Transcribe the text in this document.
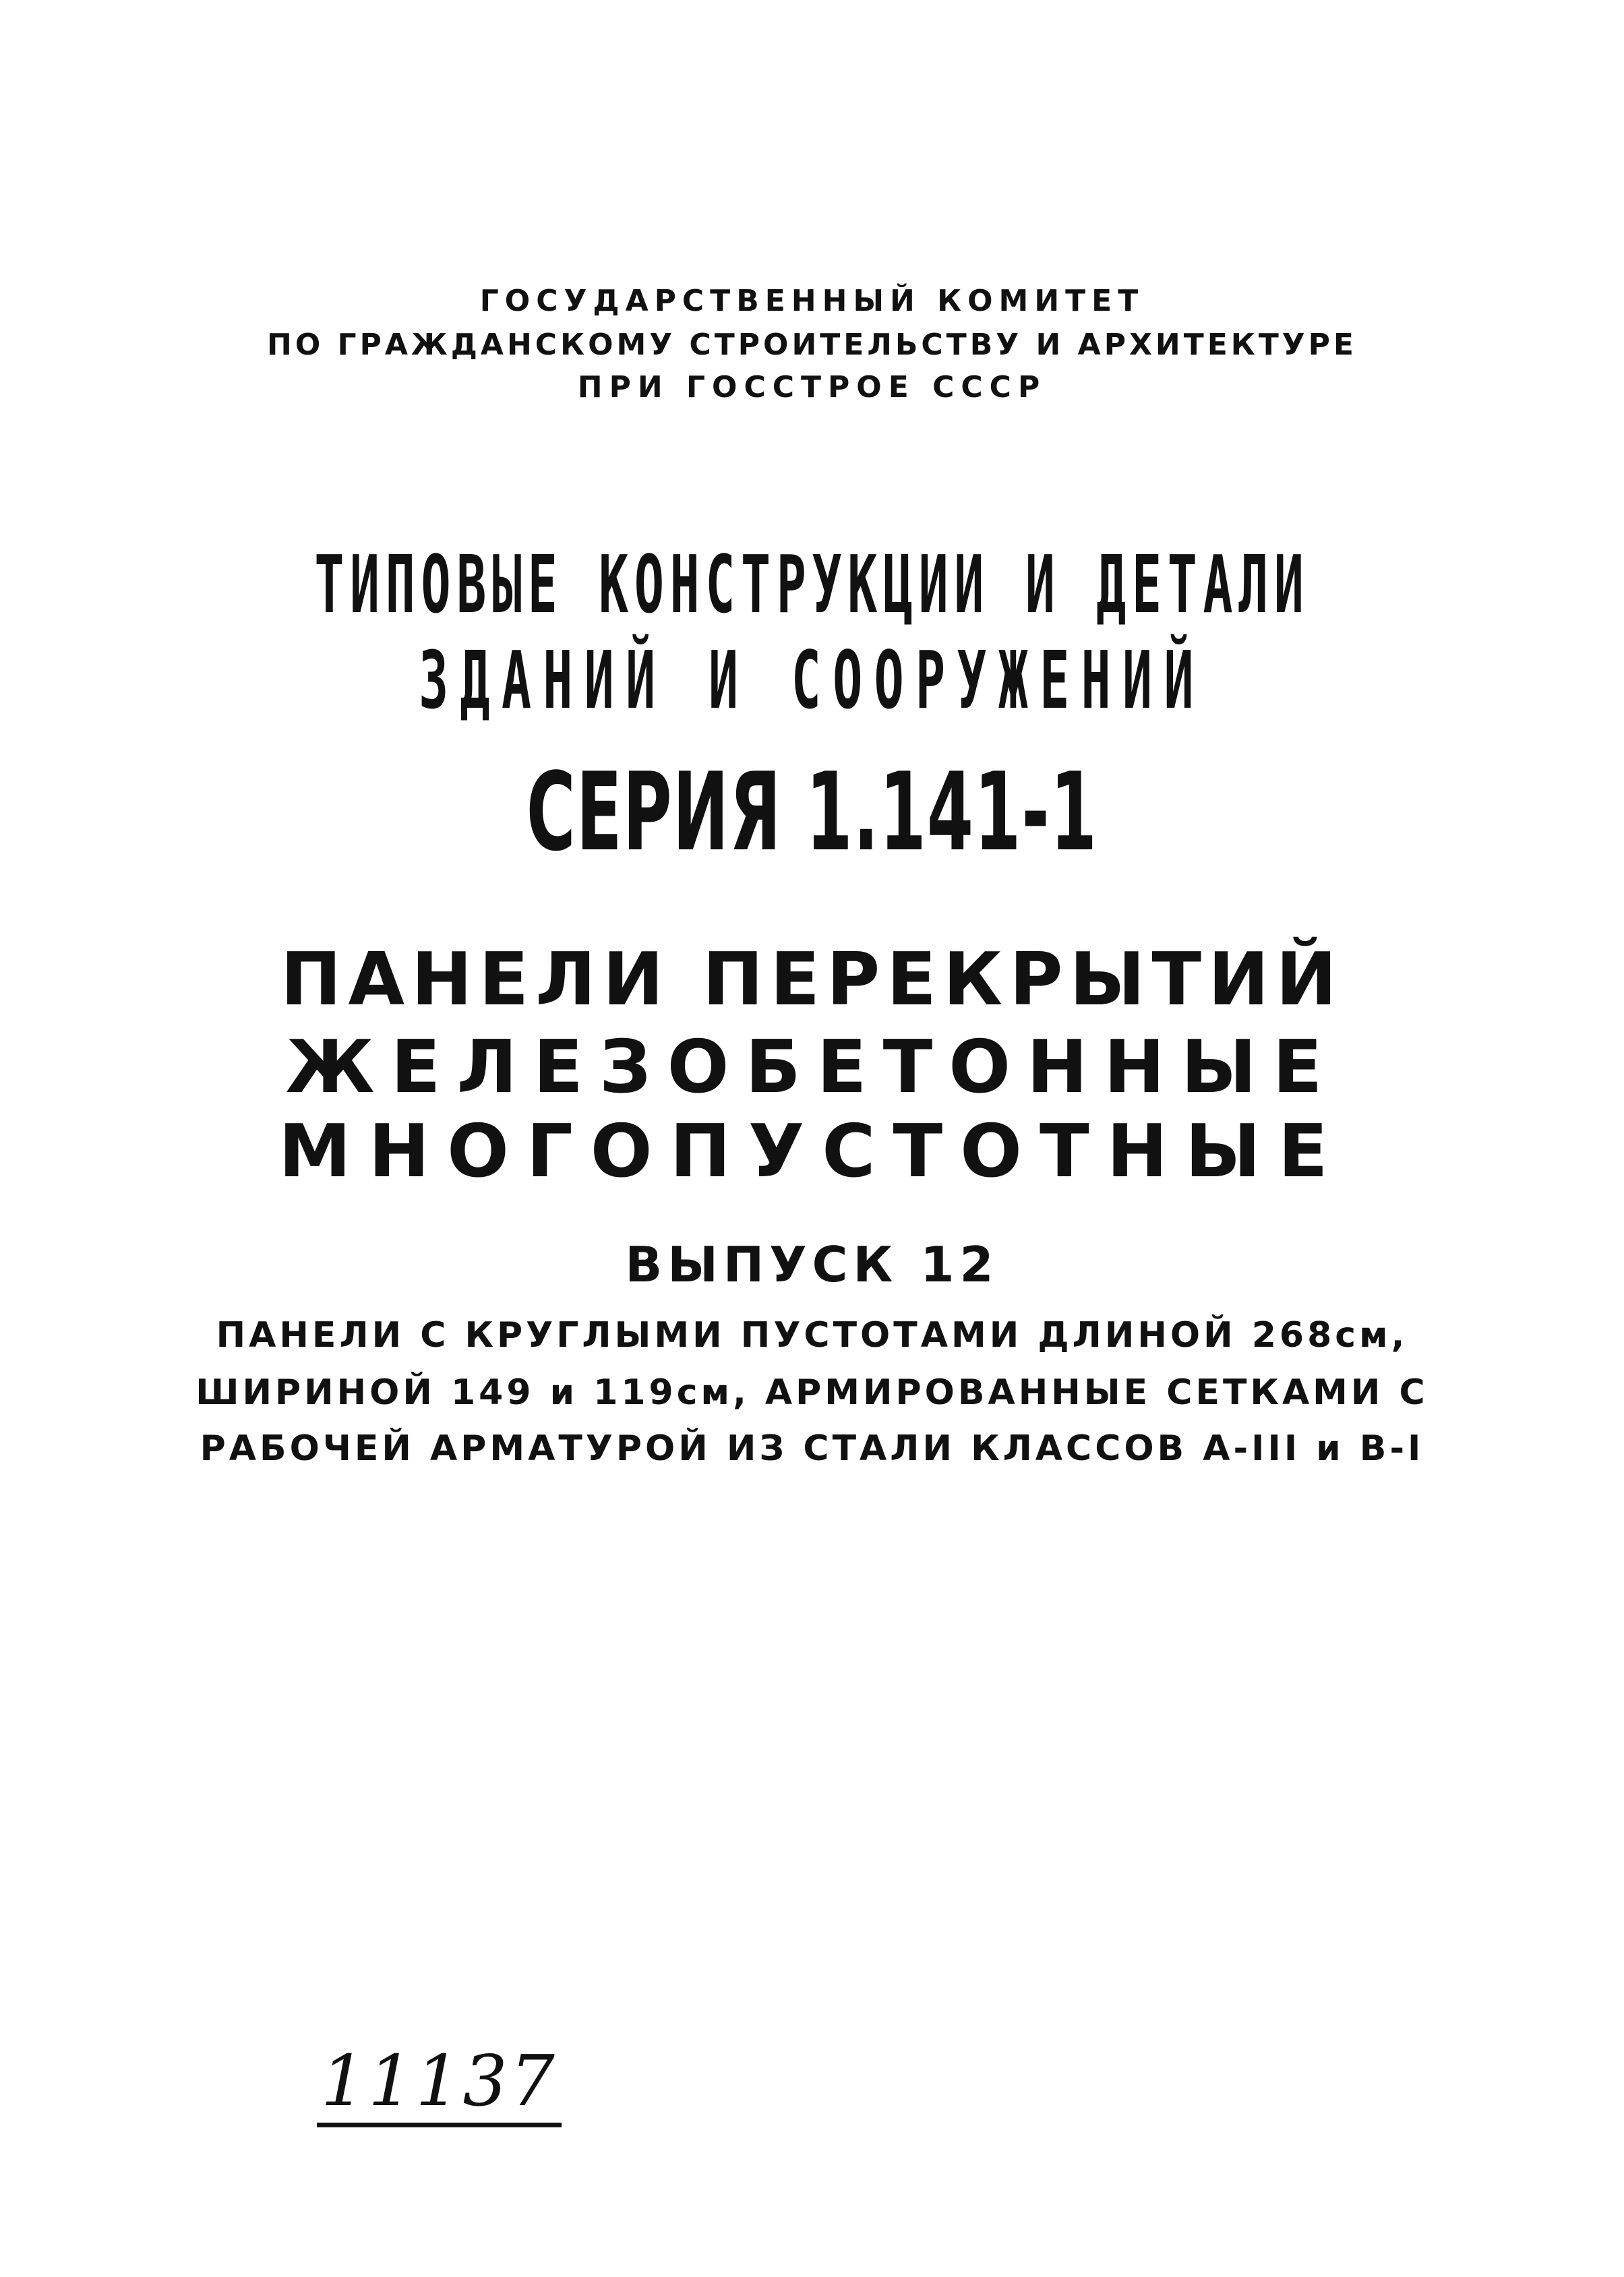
ГОСУДАРСТВЕННЫЙ КОМИТЕТ
ПО ГРАЖДАНСКОМУ СТРОИТЕЛЬСТВУ И АРХИТЕКТУРЕ
ПРИ ГОССТРОЕ СССР
ТИПОВЫЕ КОНСТРУКЦИИ И ДЕТАЛИ
ЗДАНИЙ И СООРУЖЕНИЙ
СЕРИЯ 1.141-1
ПАНЕЛИ ПЕРЕКРЫТИЙ
ЖЕЛЕЗОБЕТОННЫЕ
МНОГОПУСТОТНЫЕ
ВЫПУСК 12
ПАНЕЛИ С КРУГЛЫМИ ПУСТОТАМИ ДЛИНОЙ 268см,
ШИРИНОЙ 149 и 119см, АРМИРОВАННЫЕ СЕТКАМИ С
РАБОЧЕЙ АРМАТУРОЙ ИЗ СТАЛИ КЛАССОВ А-III и В-I
11137
